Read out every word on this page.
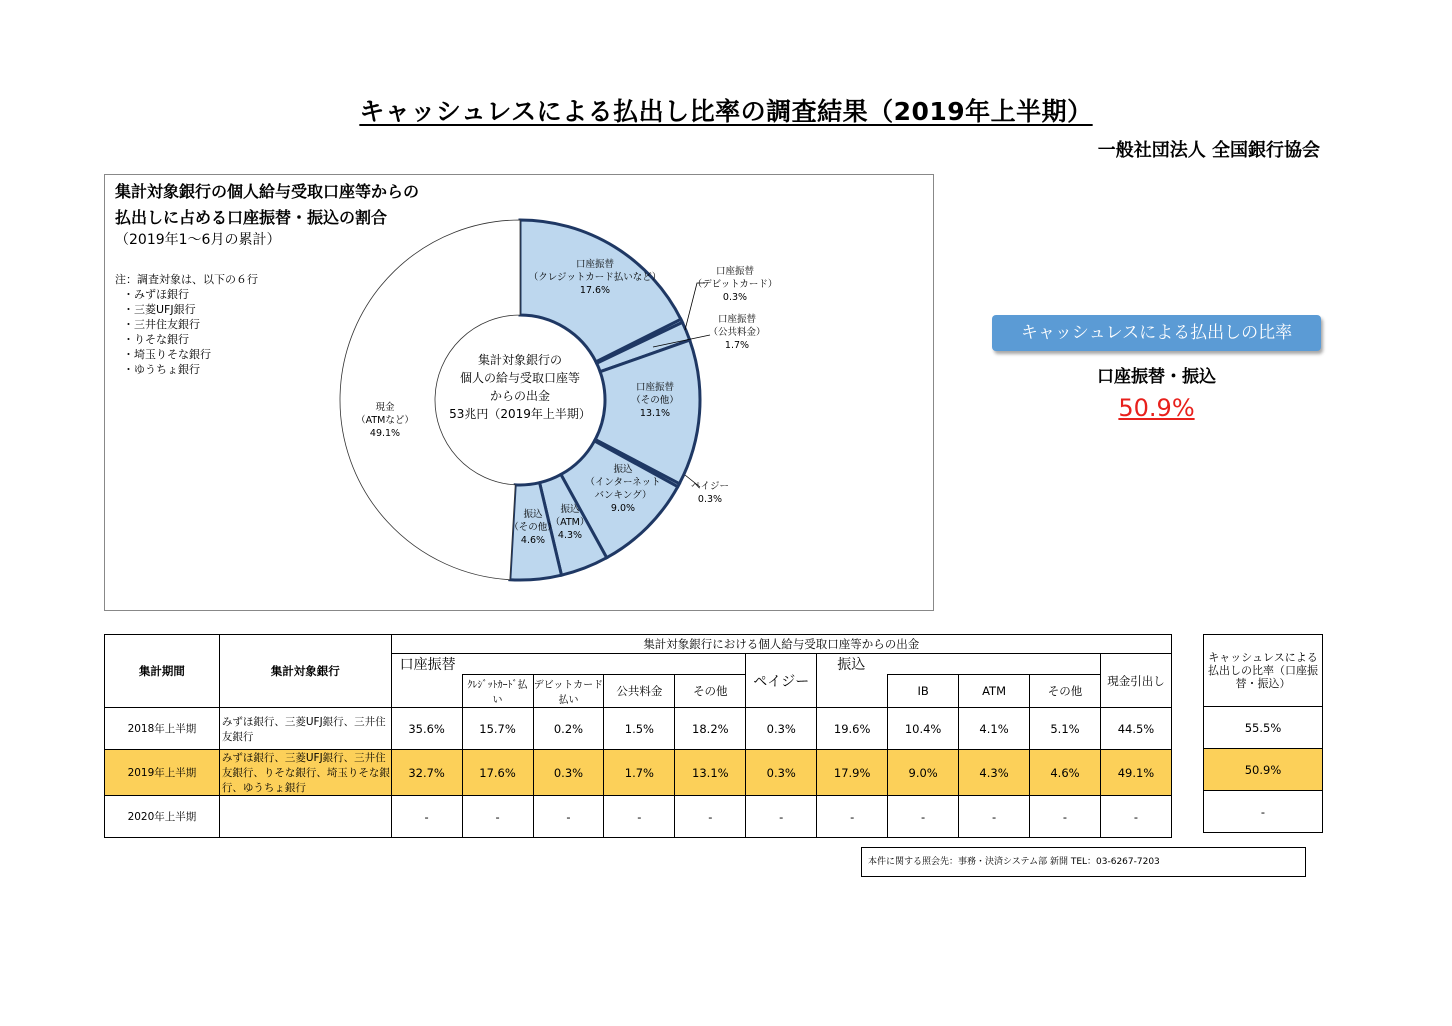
キャッシュレスによる払出し比率の調査結果（2019年上半期）
一般社団法人 全国銀行協会
集計対象銀行の個人給与受取口座等からの
払出しに占める口座振替・振込の割合
（2019年1～6月の累計）
注：調査対象は、以下の６行
・みずほ銀行
・三菱UFJ銀行
・三井住友銀行
・りそな銀行
・埼玉りそな銀行
・ゆうちょ銀行
口座振替（クレジットカード払いなど） 17.6%
口座振替（デビットカード） 0.3%
口座振替（公共料金） 1.7%
口座振替（その他） 13.1%
ペイジー 0.3%
振込（インターネットバンキング） 9.0%
振込（ATM） 4.3%
振込（その他） 4.6%
現金（ATMなど） 49.1%
集計対象銀行の個人の給与受取口座等からの出金 53兆円（2019年上半期）
キャッシュレスによる払出しの比率
口座振替・振込
50.9%
集計期間	集計対象銀行	集計対象銀行における個人給与受取口座等からの出金										
		口座振替					ペイジー	振込				現金引出し
			ｸﾚｼﾞｯﾄｶｰﾄﾞ払い	デビットカード払い	公共料金	その他			IB	ATM	その他	
2018年上半期	みずほ銀行、三菱UFJ銀行、三井住友銀行	35.6%	15.7%	0.2%	1.5%	18.2%	0.3%	19.6%	10.4%	4.1%	5.1%	44.5%
2019年上半期	みずほ銀行、三菱UFJ銀行、三井住友銀行、りそな銀行、埼玉りそな銀行、ゆうちょ銀行	32.7%	17.6%	0.3%	1.7%	13.1%	0.3%	17.9%	9.0%	4.3%	4.6%	49.1%
2020年上半期		-	-	-	-	-	-	-	-	-	-	-
キャッシュレスによる払出しの比率（口座振替・振込）
55.5%
50.9%
-
本件に関する照会先：事務・決済システム部 新開 TEL：03-6267-7203
